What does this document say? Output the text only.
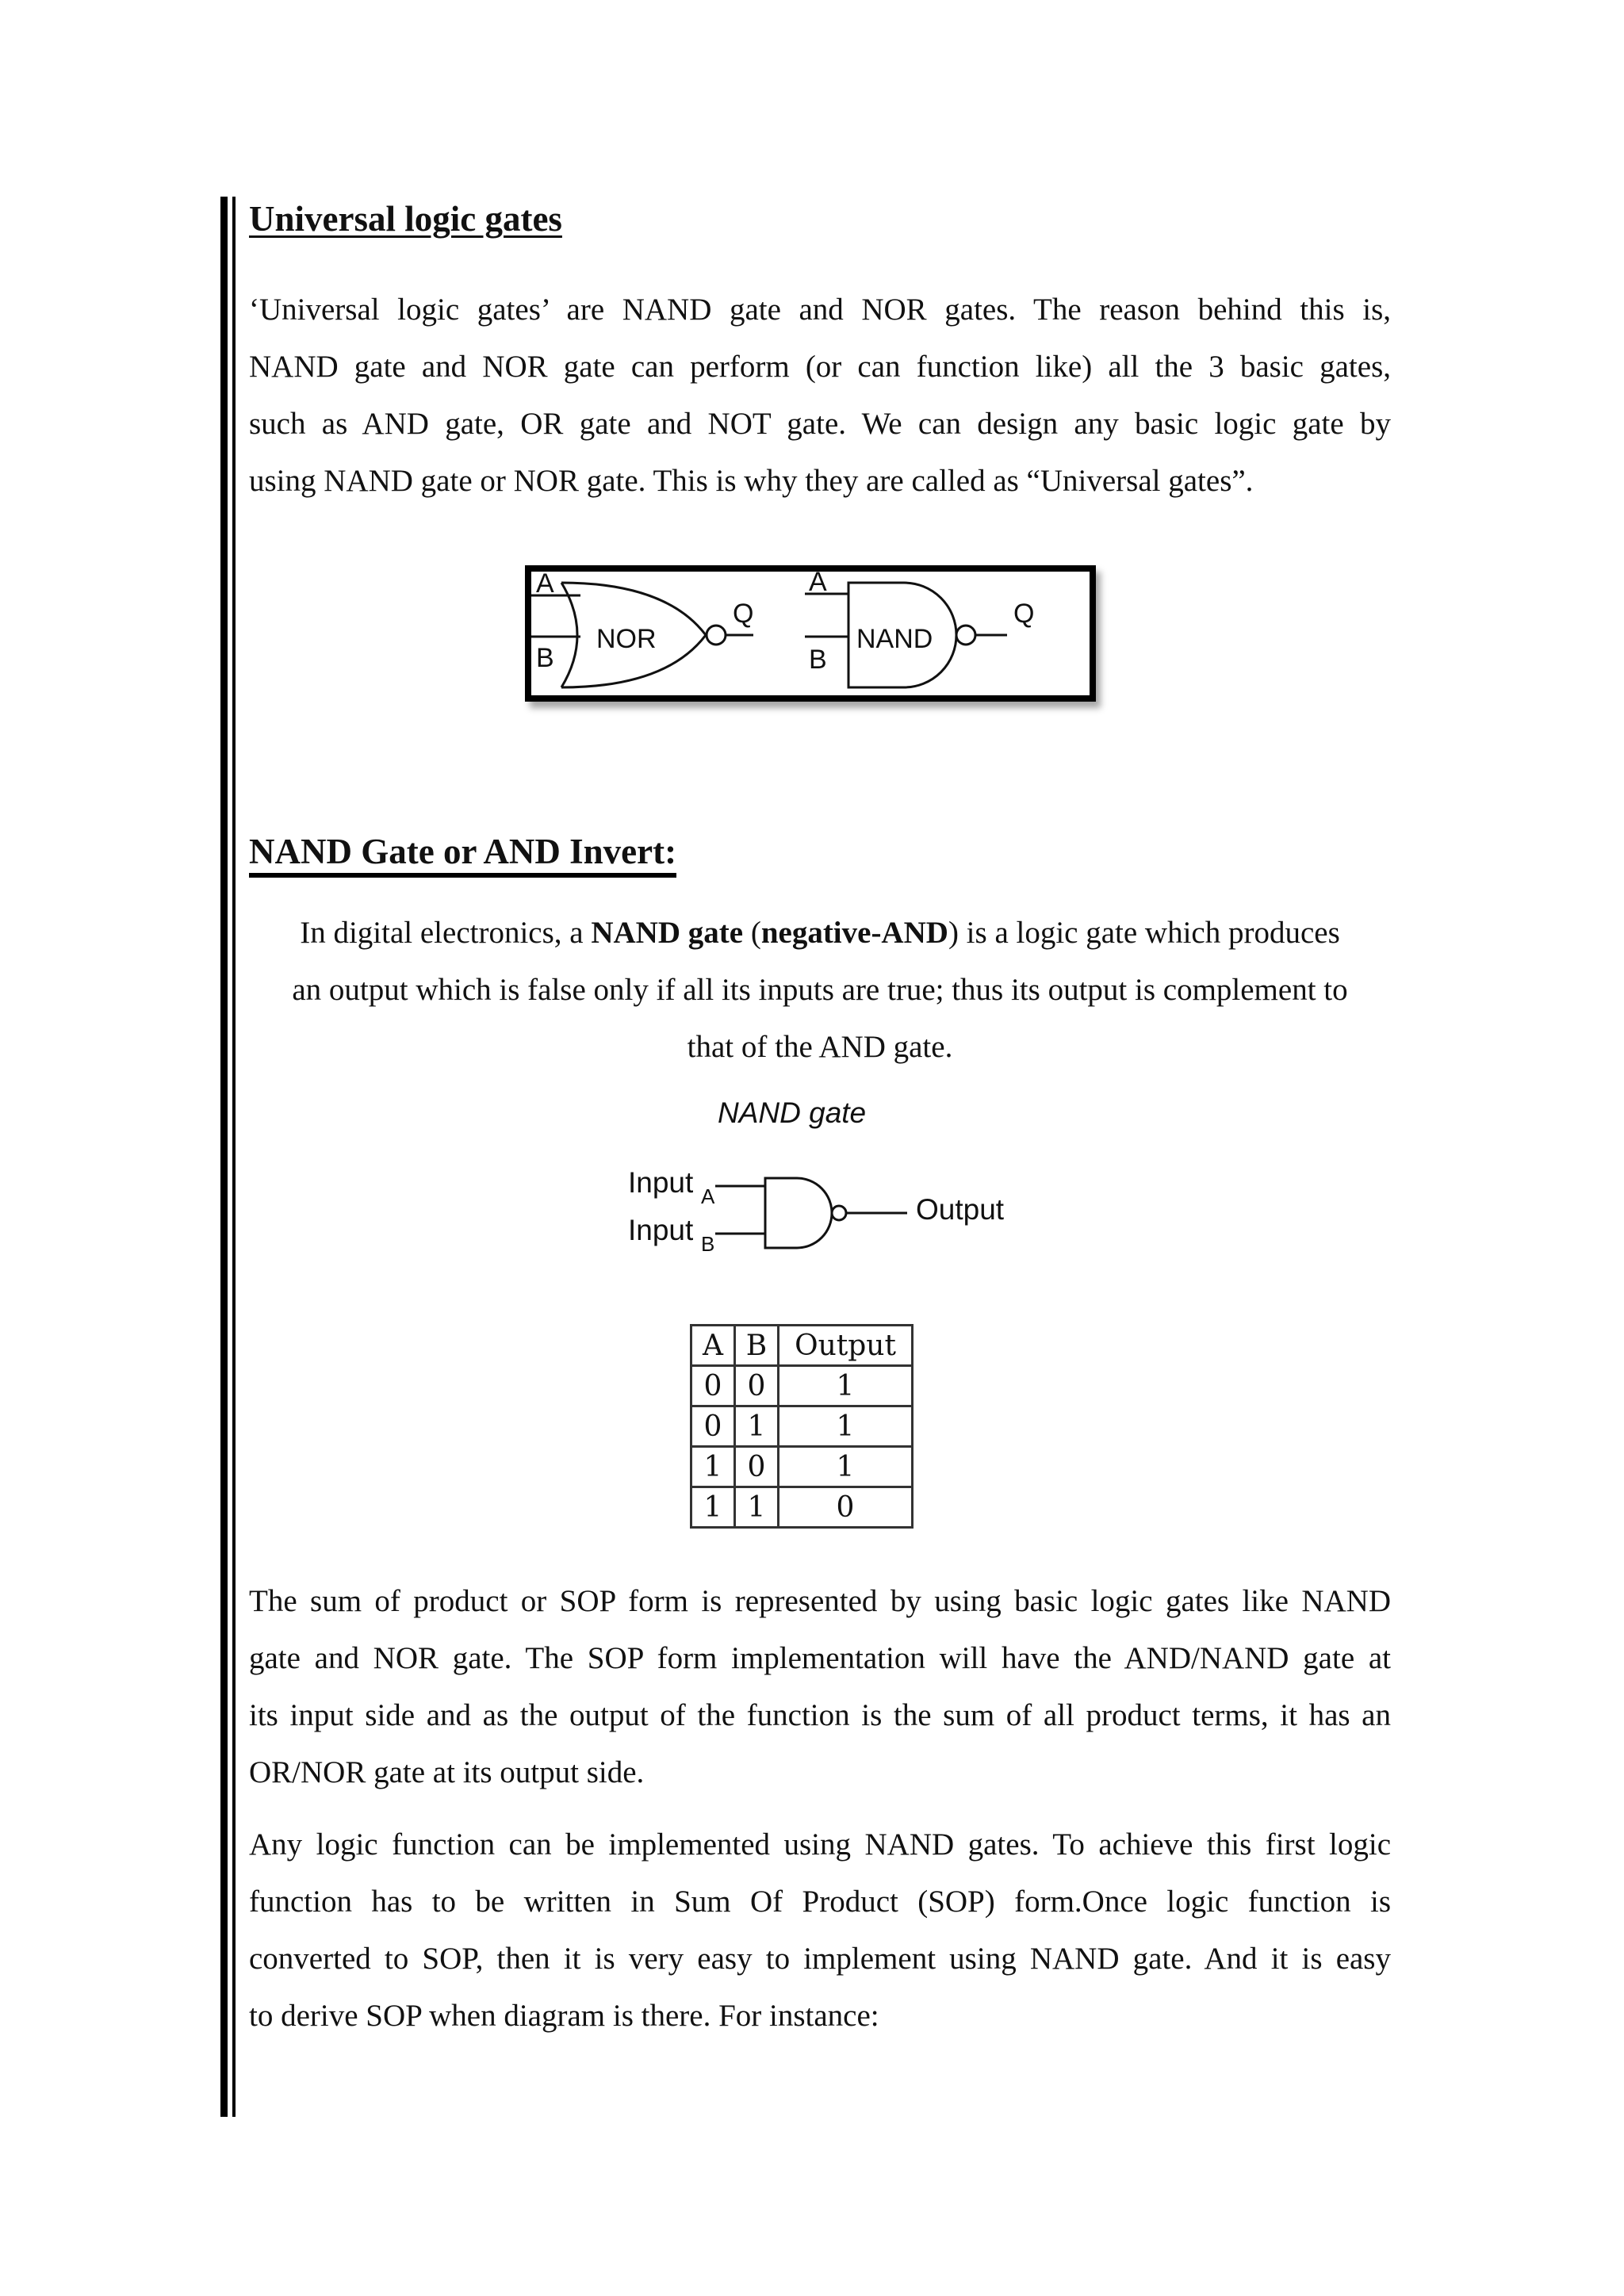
Universal logic gates
‘Universal logic gates’ are NAND gate and NOR gates. The reason behind this is,
NAND gate and NOR gate can perform (or can function like) all the 3 basic gates,
such as AND gate, OR gate and NOT gate. We can design any basic logic gate by
using NAND gate or NOR gate. This is why they are called as “Universal gates”.
A
B
NOR
Q
A
B
NAND
Q
NAND Gate or AND Invert:
In digital electronics, a NAND gate (negative-AND) is a logic gate which produces
an output which is false only if all its inputs are true; thus its output is complement to
that of the AND gate.
NAND gate
Input A
Input B
Output
A	B	Output
0	0	1
0	1	1
1	0	1
1	1	0
The sum of product or SOP form is represented by using basic logic gates like NAND
gate and NOR gate. The SOP form implementation will have the AND/NAND gate at
its input side and as the output of the function is the sum of all product terms, it has an
OR/NOR gate at its output side.
Any logic function can be implemented using NAND gates. To achieve this first logic
function has to be written in Sum Of Product (SOP) form.Once logic function is
converted to SOP, then it is very easy to implement using NAND gate. And it is easy
to derive SOP when diagram is there. For instance:
